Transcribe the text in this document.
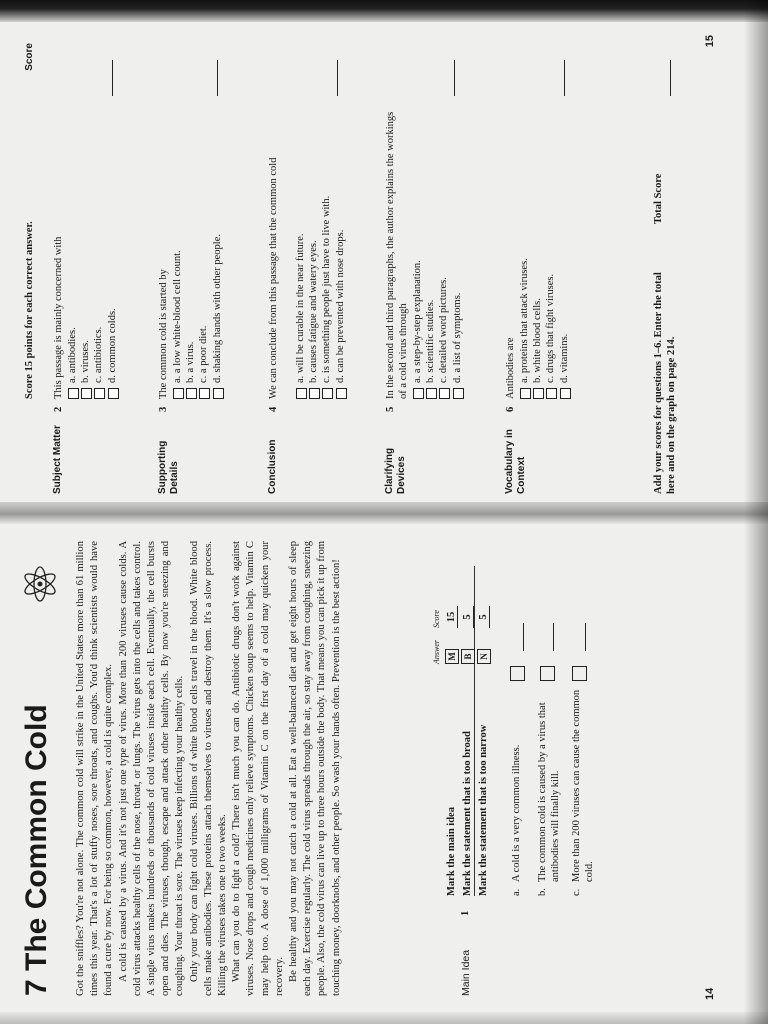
7 The Common Cold Got the sniffles? You're not alone. The common cold will strike in the United States more than 61 million times this year. That's a lot of stuffy noses, sore throats, and coughs. You'd think scientists would have found a cure by now. For being so common, however, a cold is quite complex. A cold is caused by a virus. And it's not just one type of virus. More than 200 viruses cause colds. A cold virus attacks healthy cells of the nose, throat, or lungs. The virus gets into the cells and takes control. A single virus makes hundreds or thousands of cold viruses inside each cell. Eventually, the cell bursts open and dies. The viruses, though, escape and attack other healthy cells. By now you're sneezing and coughing. Your throat is sore. The viruses keep infecting your healthy cells. Only your body can fight cold viruses. Billions of white blood cells travel in the blood. White blood cells make antibodies. These proteins attach themselves to viruses and destroy them. It's a slow process. Killing the viruses takes one to two weeks. What can you do to fight a cold? There isn't much you can do. Antibiotic drugs don't work against viruses. Nose drops and cough medicines only relieve symptoms. Chicken soup seems to help. Vitamin C may help too. A dose of 1,000 milligrams of Vitamin C on the first day of a cold may quicken your recovery. Be healthy and you may not catch a cold at all. Eat a well-balanced diet and get eight hours of sleep each day. Exercise regularly. The cold virus spreads through the air, so stay away from coughing, sneezing people. Also, the cold virus can live up to three hours outside the body. That means you can pick it up from touching money, doorknobs, and other people. So wash your hands often. Prevention is the best action!	Answer
Score
Main Idea
1
Mark the main idea
M
15
Mark the statement that is too broad
B
5
Mark the statement that is too narrow
N
5
a.
A cold is a very common illness.
b.
The common cold is caused by a virus that antibodies will finally kill.
c.
More than 200 viruses can cause the common cold.
14
Score 15 points for each correct answer.
Score
Subject Matter
2
This passage is mainly concerned with a. antibodies. b. viruses. c. antibiotics. d. common colds.
Supporting Details
3
The common cold is started by a. a low white-blood cell count. b. a virus. c. a poor diet. d. shaking hands with other people.
Conclusion
4
We can conclude from this passage that the common cold a. will be curable in the near future. b. causes fatigue and watery eyes. c. is something people just have to live with. d. can be prevented with nose drops.
Clarifying Devices
5
In the second and third paragraphs, the author explains the workings of a cold virus through a. a step-by-step explanation. b. scientific studies. c. detailed word pictures. d. a list of symptoms.
Vocabulary in Context
6
Antibodies are a. proteins that attack viruses. b. white blood cells. c. drugs that fight viruses. d. vitamins.	Add your scores for questions 1–6. Enter the total here and on the graph on page 214.
Total Score
15
